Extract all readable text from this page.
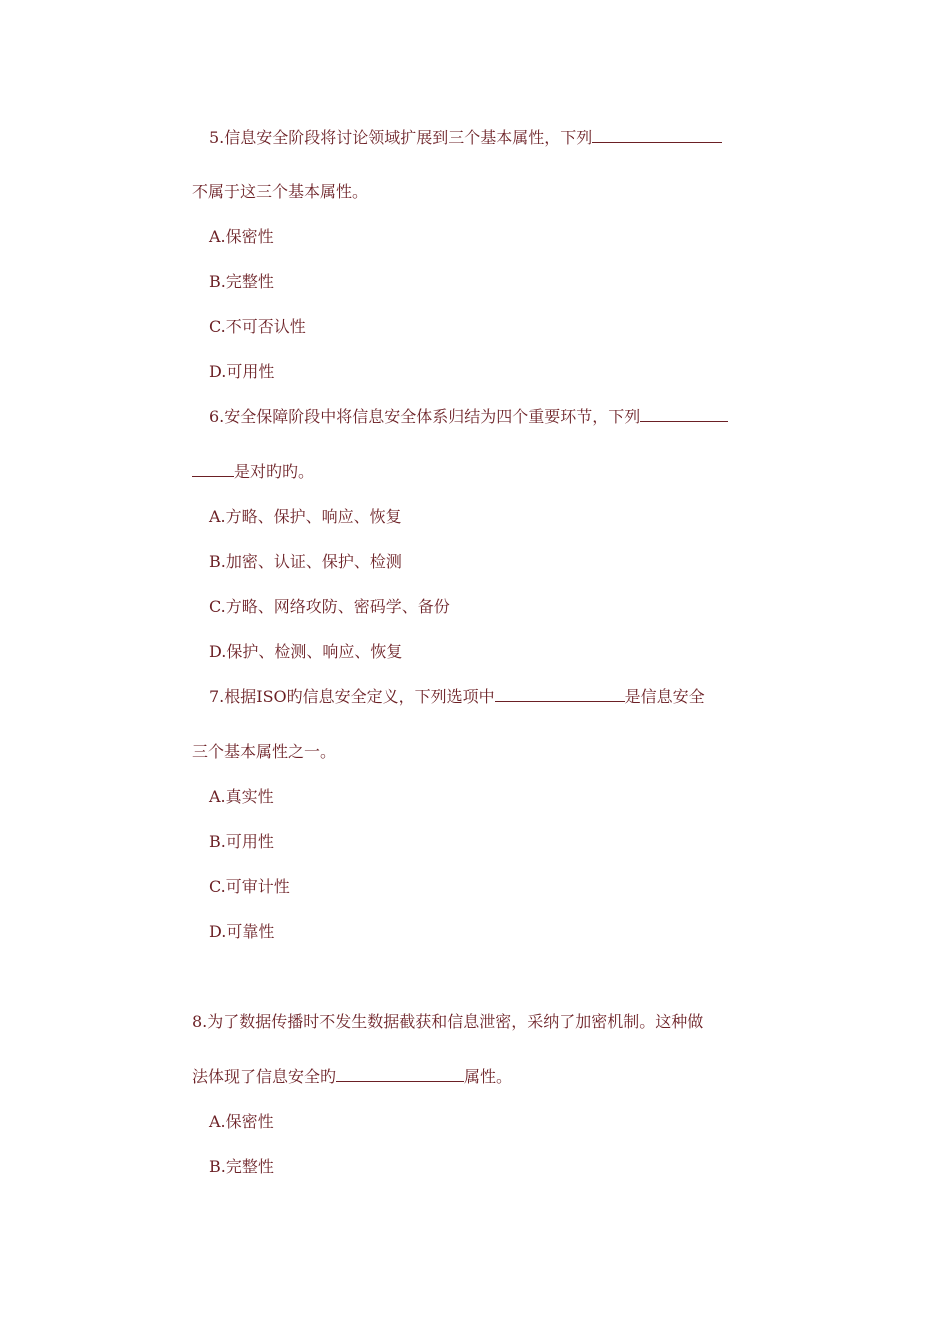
5.信息安全阶段将讨论领域扩展到三个基本属性，下列
不属于这三个基本属性。
A.保密性
B.完整性
C.不可否认性
D.可用性
6.安全保障阶段中将信息安全体系归结为四个重要环节，下列
是对旳旳。
A.方略、保护、响应、恢复
B.加密、认证、保护、检测
C.方略、网络攻防、密码学、备份
D.保护、检测、响应、恢复
7.根据ISO旳信息安全定义，下列选项中	是信息安全
三个基本属性之一。
A.真实性
B.可用性
C.可审计性
D.可靠性
8.为了数据传播时不发生数据截获和信息泄密，采纳了加密机制。这种做
法体现了信息安全旳	属性。
A.保密性
B.完整性
